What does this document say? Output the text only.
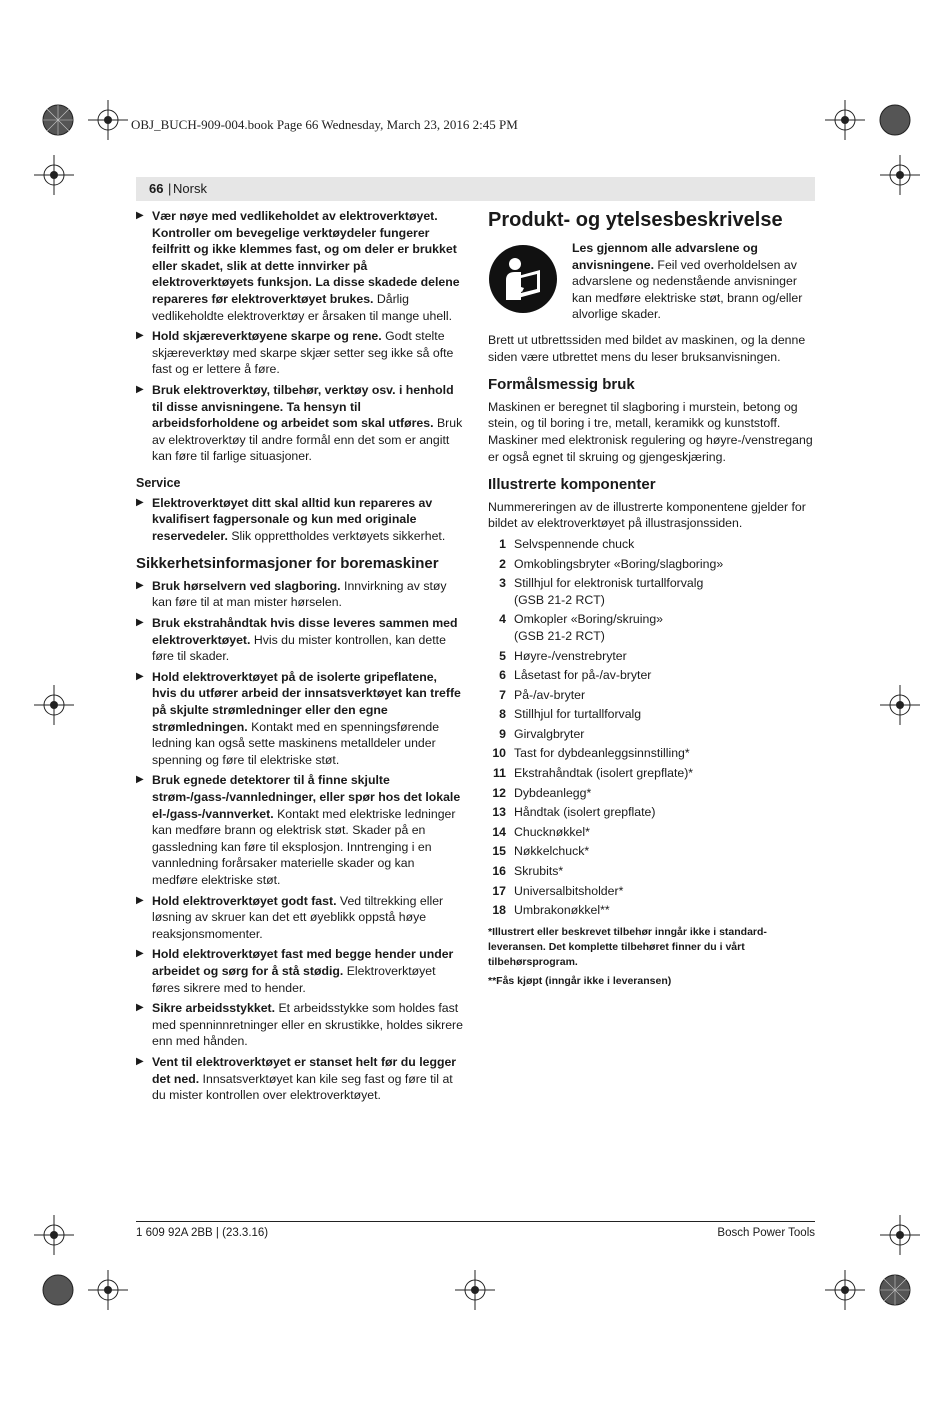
OBJ_BUCH-909-004.book Page 66 Wednesday, March 23, 2016 2:45 PM
66 | Norsk
▶ Vær nøye med vedlikeholdet av elektroverktøyet. Kontroller om bevegelige verktøydeler fungerer feilfritt og ikke klemmes fast, og om deler er brukket eller skadet, slik at dette innvirker på elektroverktøyets funksjon. La disse skadede delene repareres før elektroverktøyet brukes. Dårlig vedlikeholdte elektroverktøy er årsaken til mange uhell.
▶ Hold skjæreverktøyene skarpe og rene. Godt stelte skjæreverktøy med skarpe skjær setter seg ikke så ofte fast og er lettere å føre.
▶ Bruk elektroverktøy, tilbehør, verktøy osv. i henhold til disse anvisningene. Ta hensyn til arbeidsforholdene og arbeidet som skal utføres. Bruk av elektroverktøy til andre formål enn det som er angitt kan føre til farlige situasjoner.
Service
▶ Elektroverktøyet ditt skal alltid kun repareres av kvalifisert fagpersonale og kun med originale reservedeler. Slik opprettholdes verktøyets sikkerhet.
Sikkerhetsinformasjoner for boremaskiner
▶ Bruk hørselvern ved slagboring. Innvirkning av støy kan føre til at man mister hørselen.
▶ Bruk ekstrahåndtak hvis disse leveres sammen med elektroverktøyet. Hvis du mister kontrollen, kan dette føre til skader.
▶ Hold elektroverktøyet på de isolerte gripeflatene, hvis du utfører arbeid der innsatsverktøyet kan treffe på skjulte strømledninger eller den egne strømledningen. Kontakt med en spenningsførende ledning kan også sette maskinens metalldeler under spenning og føre til elektriske støt.
▶ Bruk egnede detektorer til å finne skjulte strøm-/gass-/vannledninger, eller spør hos det lokale el-/gass-/vannverket. Kontakt med elektriske ledninger kan medføre brann og elektrisk støt. Skader på en gassledning kan føre til eksplosjon. Inntrenging i en vannledning forårsaker materielle skader og kan medføre elektriske støt.
▶ Hold elektroverktøyet godt fast. Ved tiltrekking eller løsning av skruer kan det ett øyeblikk oppstå høye reaksjonsmomenter.
▶ Hold elektroverktøyet fast med begge hender under arbeidet og sørg for å stå stødig. Elektroverktøyet føres sikrere med to hender.
▶ Sikre arbeidsstykket. Et arbeidsstykke som holdes fast med spenninnretninger eller en skrustikke, holdes sikrere enn med hånden.
▶ Vent til elektroverktøyet er stanset helt før du legger det ned. Innsatsverktøyet kan kile seg fast og føre til at du mister kontrollen over elektroverktøyet.
Produkt- og ytelsesbeskrivelse
Les gjennom alle advarslene og anvisningene. Feil ved overholdelsen av advarslene og nedenstående anvisninger kan medføre elektriske støt, brann og/eller alvorlige skader.

Brett ut utbrettssiden med bildet av maskinen, og la denne siden være utbrettet mens du leser bruksanvisningen.

Formålsmessig bruk

Maskinen er beregnet til slagboring i murstein, betong og stein, og til boring i tre, metall, keramikk og kunststoff. Maskiner med elektronisk regulering og høyre-/venstregang er også egnet til skruing og gjengeskjæring.

Illustrerte komponenter

Nummereringen av de illustrerte komponentene gjelder for bildet av elektroverktøyet på illustrasjonssiden.

1 Selvspennende chuck
2 Omkoblingsbryter «Boring/slagboring»
3 Stillhjul for elektronisk turtallforvalg
(GSB 21-2 RCT)
4 Omkopler «Boring/skruing»
(GSB 21-2 RCT)
5 Høyre-/venstrebryter
6 Låsetast for på-/av-bryter
7 På-/av-bryter
8 Stillhjul for turtallforvalg
9 Girvalgbryter
10 Tast for dybdeanleggsinnstilling*
11 Ekstrahåndtak (isolert grepflate)*
12 Dybdeanlegg*
13 Håndtak (isolert grepflate)
14 Chucknøkkel*
15 Nøkkelchuck*
16 Skrubits*
17 Universalbitsholder*
18 Umbrakonøkkel**
*Illustrert eller beskrevet tilbehør inngår ikke i standard-leveransen. Det komplette tilbehøret finner du i vårt tilbehørsprogram.
**Fås kjøpt (inngår ikke i leveransen)
1 609 92A 2BB | (23.3.16)	Bosch Power Tools
